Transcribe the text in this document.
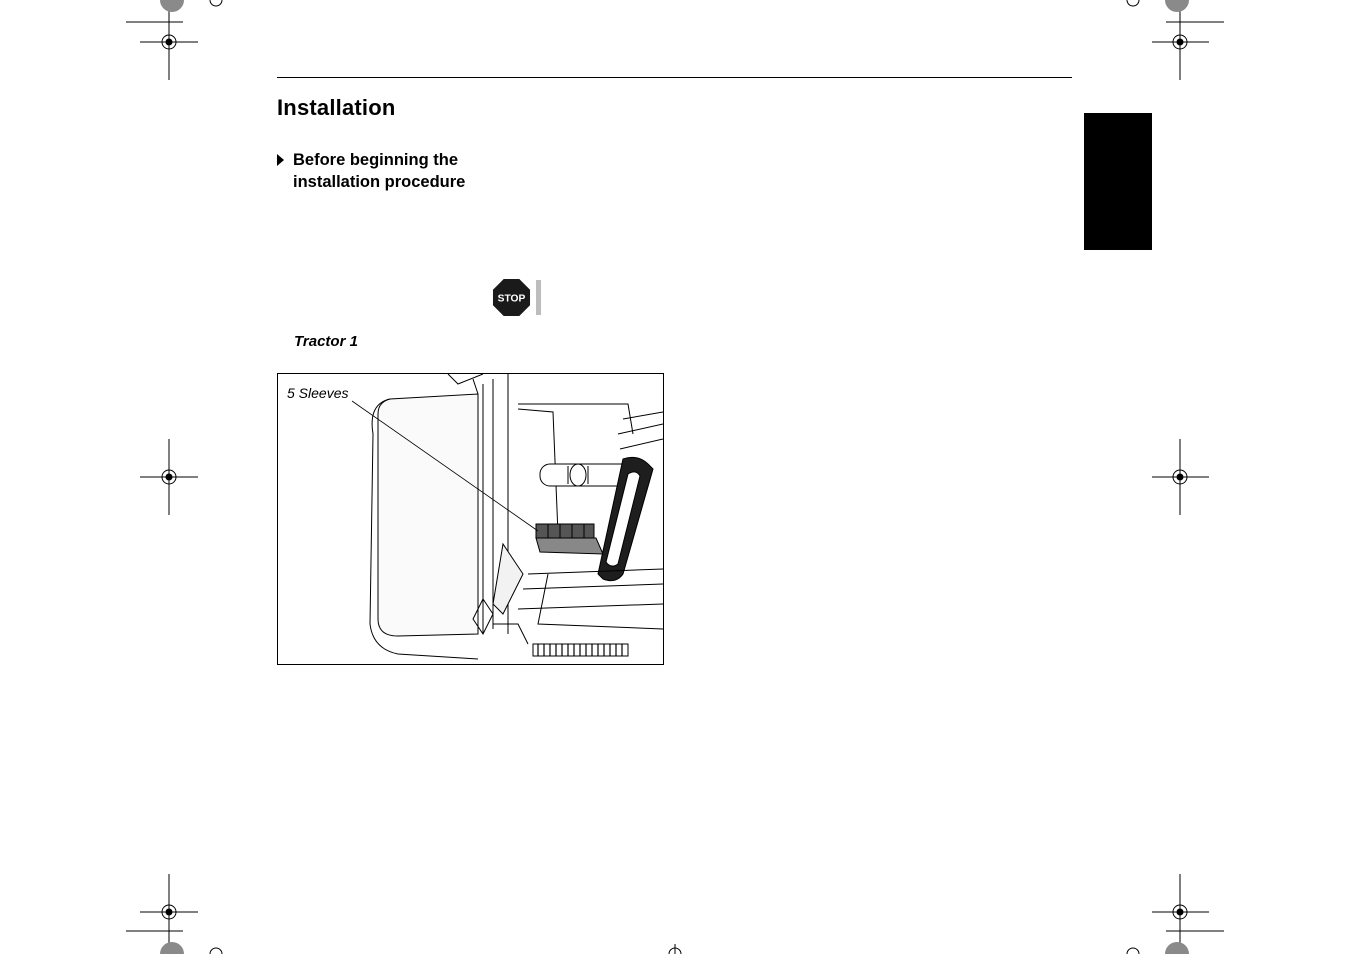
Installation
Before beginning the installation procedure
STOP
Tractor 1
5 Sleeves
